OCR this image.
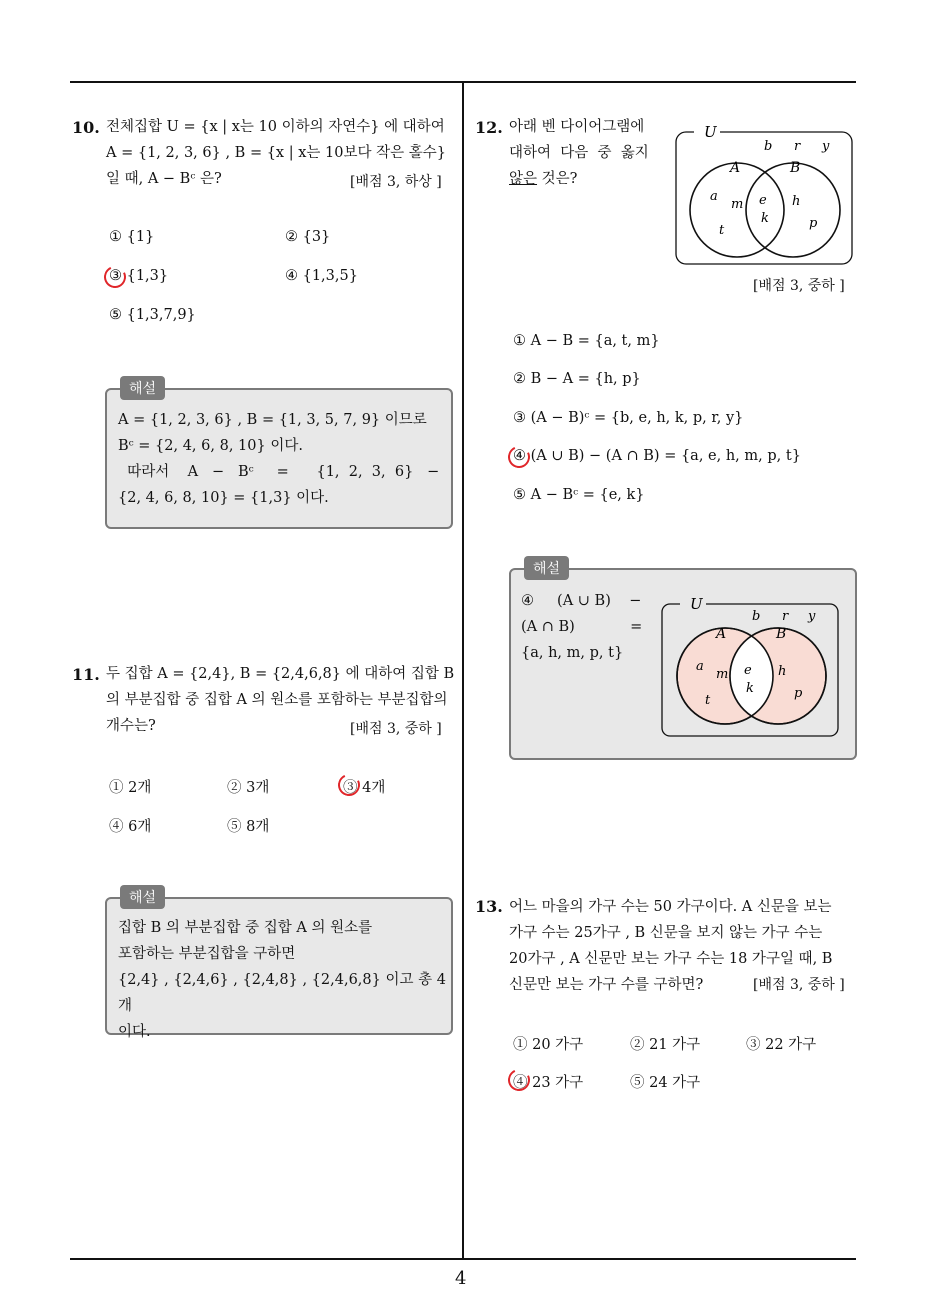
4
10. 전체집합 U = {x | x는 10 이하의 자연수} 에 대하여
A = {1, 2, 3, 6} , B = {x | x는 10보다 작은 홀수}
일 때, A − Bᶜ 은?	[배점 3, 하상 ]
① {1}	② {3}
③ {1,3}	④ {1,3,5}
⑤ {1,3,7,9}
해설
A = {1, 2, 3, 6} , B = {1, 3, 5, 7, 9} 이므로
Bᶜ = {2, 4, 6, 8, 10} 이다.
따라서    A   −   Bᶜ     =      {1,  2,  3,  6}   −
{2, 4, 6, 8, 10} = {1,3} 이다.
11. 두 집합 A = {2,4}, B = {2,4,6,8} 에 대하여 집합 B
의 부분집합 중 집합 A 의 원소를 포함하는 부분집합의
개수는?	[배점 3, 중하 ]
① 2개	② 3개	③ 4개
④ 6개	⑤ 8개
해설
집합 B 의 부분집합 중 집합 A 의 원소를
포함하는 부분집합을 구하면
{2,4} , {2,4,6} , {2,4,8} , {2,4,6,8} 이고 총 4개
이다.
12. 아래 벤 다이어그램에
대하여  다음  중  옳지
않은 것은?
U
A	B
b r y
a
m
t
e
k
h
p
[배점 3, 중하 ]
① A − B = {a, t, m}
② B − A = {h, p}
③ (A − B)ᶜ = {b, e, h, k, p, r, y}
④ (A ∪ B) − (A ∩ B) = {a, e, h, m, p, t}
⑤ A − Bᶜ = {e, k}
해설
④     (A ∪ B)    −
(A ∩ B)            =
{a, h, m, p, t}
U
A	B
b r y
a
m
t
e
k
h
p
13. 어느 마을의 가구 수는 50 가구이다. A 신문을 보는
가구 수는 25가구 , B 신문을 보지 않는 가구 수는
20가구 , A 신문만 보는 가구 수는 18 가구일 때, B
신문만 보는 가구 수를 구하면?	[배점 3, 중하 ]
① 20 가구	② 21 가구	③ 22 가구
④ 23 가구	⑤ 24 가구
